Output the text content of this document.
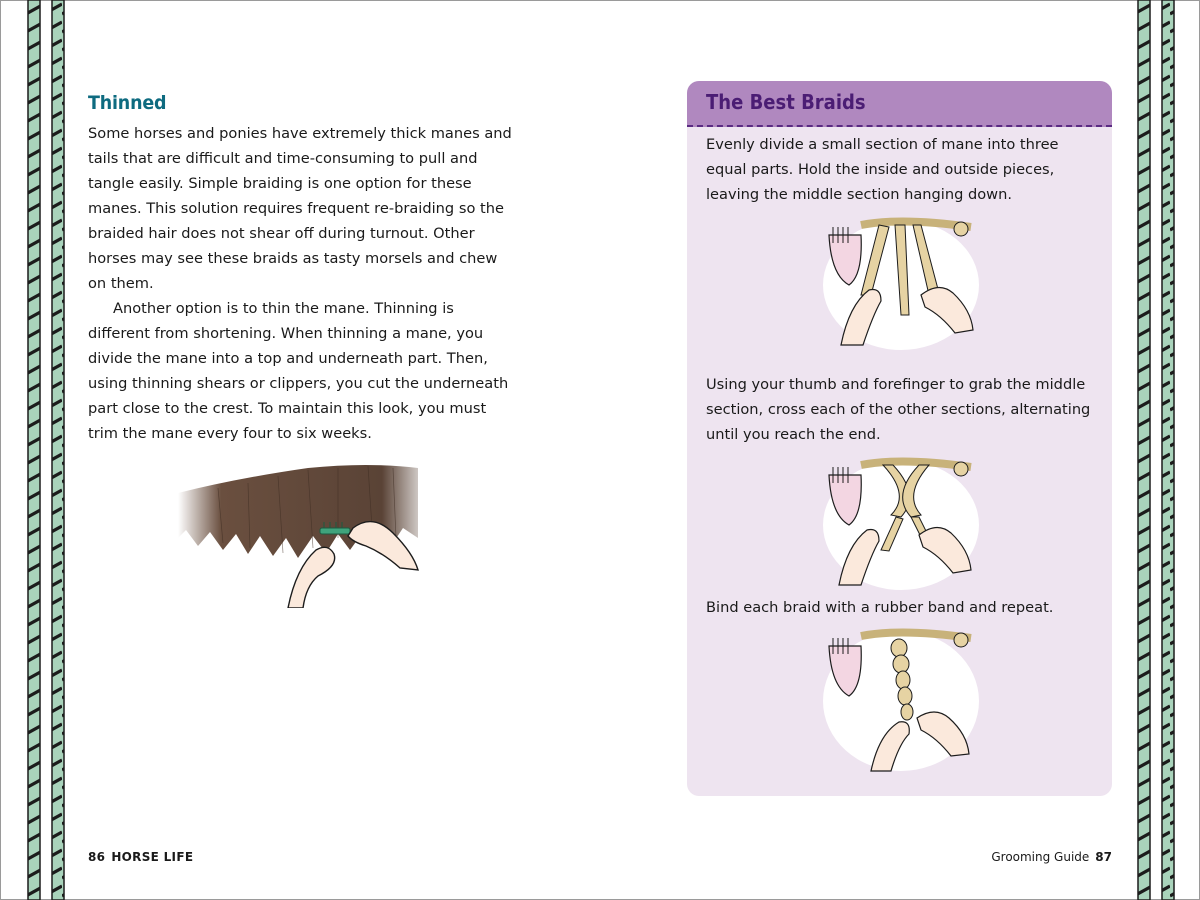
Thinned

Some horses and ponies have extremely thick manes and tails that are difficult and time-consuming to pull and tangle easily. Simple braiding is one option for these manes. This solution requires frequent re-braiding so the braided hair does not shear off during turnout. Other horses may see these braids as tasty morsels and chew on them.

Another option is to thin the mane. Thinning is different from shortening. When thinning a mane, you divide the mane into a top and underneath part. Then, using thinning shears or clippers, you cut the underneath part close to the crest. To maintain this look, you must trim the mane every four to six weeks.

86 HORSE LIFE	Grooming Guide 87
The Best Braids

Evenly divide a small section of mane into three equal parts. Hold the inside and outside pieces, leaving the middle section hanging down.

Using your thumb and forefinger to grab the middle section, cross each of the other sections, alternating until you reach the end.

Bind each braid with a rubber band and repeat.
